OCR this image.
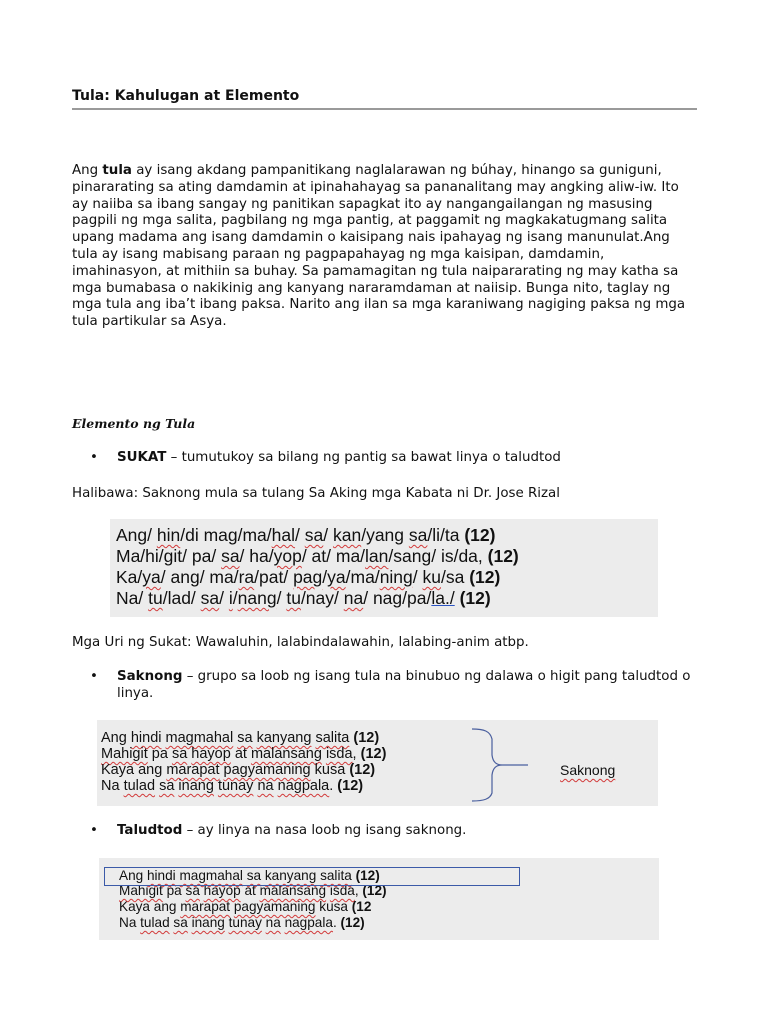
Tula: Kahulugan at Elemento

Ang tula ay isang akdang pampanitikang naglalarawan ng búhay, hinango sa guniguni, pinararating sa ating damdamin at ipinahahayag sa pananalitang may angking aliw-iw. Ito ay naiiba sa ibang sangay ng panitikan sapagkat ito ay nangangailangan ng masusing pagpili ng mga salita, pagbilang ng mga pantig, at paggamit ng magkakatugmang salita upang madama ang isang damdamin o kaisipang nais ipahayag ng isang manunulat.Ang tula ay isang mabisang paraan ng pagpapahayag ng mga kaisipan, damdamin, imahinasyon, at mithiin sa buhay. Sa pamamagitan ng tula naipararating ng may katha sa mga bumabasa o nakikinig ang kanyang nararamdaman at naiisip. Bunga nito, taglay ng mga tula ang iba’t ibang paksa. Narito ang ilan sa mga karaniwang nagiging paksa ng mga tula partikular sa Asya.

Elemento ng Tula
• SUKAT – tumutukoy sa bilang ng pantig sa bawat linya o taludtod
Halibawa: Saknong mula sa tulang Sa Aking mga Kabata ni Dr. Jose Rizal
Ang/ hin/di mag/ma/hal/ sa/ kan/yang sa/li/ta (12)
Ma/hi/git/ pa/ sa/ ha/yop/ at/ ma/lan/sang/ is/da, (12)
Ka/ya/ ang/ ma/ra/pat/ pag/ya/ma/ning/ ku/sa (12)
Na/ tu/lad/ sa/ i/nang/ tu/nay/ na/ nag/pa/la./ (12)
Mga Uri ng Sukat: Wawaluhin, lalabindalawahin, lalabing-anim atbp.
• Saknong – grupo sa loob ng isang tula na binubuo ng dalawa o higit pang taludtod o linya.
Ang hindi magmahal sa kanyang salita (12)
Mahigit pa sa hayop at malansang isda, (12)
Kaya ang marapat pagyamaning kusa (12)
Na tulad sa inang tunay na nagpala. (12)
Saknong
• Taludtod – ay linya na nasa loob ng isang saknong.
Ang hindi magmahal sa kanyang salita (12)
Mahigit pa sa hayop at malansang isda, (12)
Kaya ang marapat pagyamaning kusa (12
Na tulad sa inang tunay na nagpala. (12)
